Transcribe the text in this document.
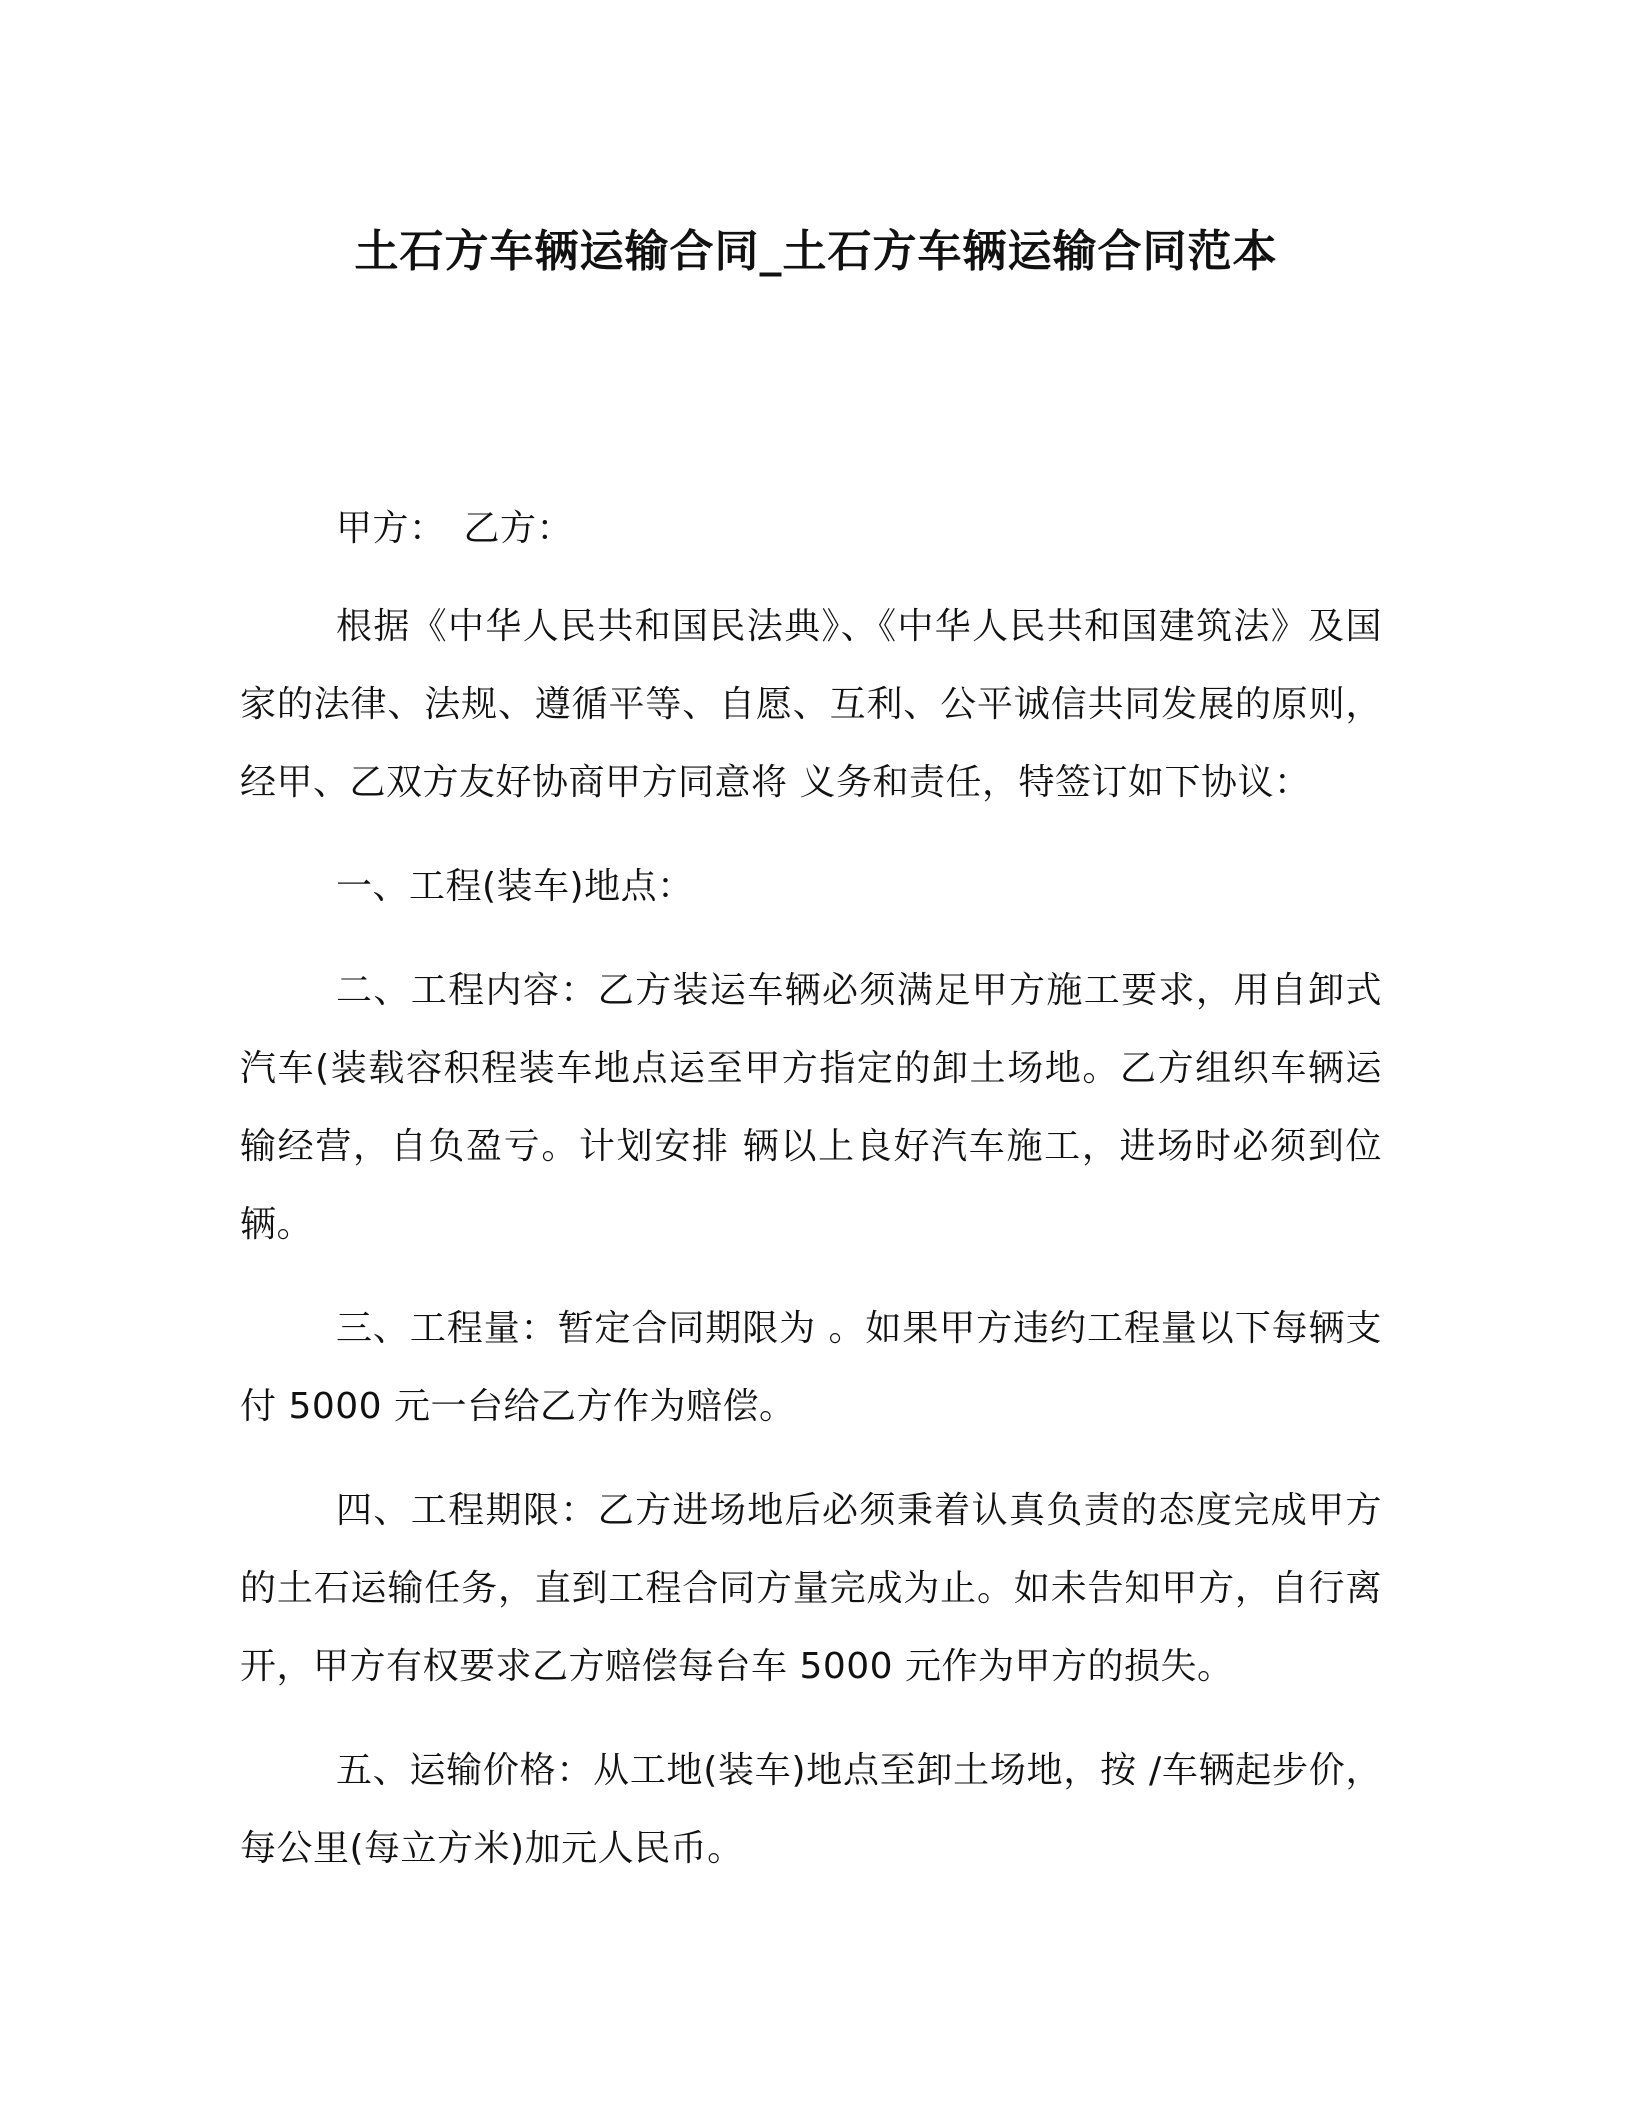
土石方车辆运输合同_土石方车辆运输合同范本

甲方： 乙方：

根据《中华人民共和国民法典》、《中华人民共和国建筑法》及国家的法律、法规、遵循平等、自愿、互利、公平诚信共同发展的原则，经甲、乙双方友好协商甲方同意将 义务和责任，特签订如下协议：

一、工程(装车)地点：

二、工程内容：乙方装运车辆必须满足甲方施工要求，用自卸式汽车(装载容积程装车地点运至甲方指定的卸土场地。乙方组织车辆运输经营，自负盈亏。计划安排 辆以上良好汽车施工，进场时必须到位辆。

三、工程量：暂定合同期限为 。如果甲方违约工程量以下每辆支付 5000 元一台给乙方作为赔偿。

四、工程期限：乙方进场地后必须秉着认真负责的态度完成甲方的土石运输任务，直到工程合同方量完成为止。如未告知甲方，自行离开，甲方有权要求乙方赔偿每台车 5000 元作为甲方的损失。

五、运输价格：从工地(装车)地点至卸土场地，按 /车辆起步价，每公里(每立方米)加元人民币。
